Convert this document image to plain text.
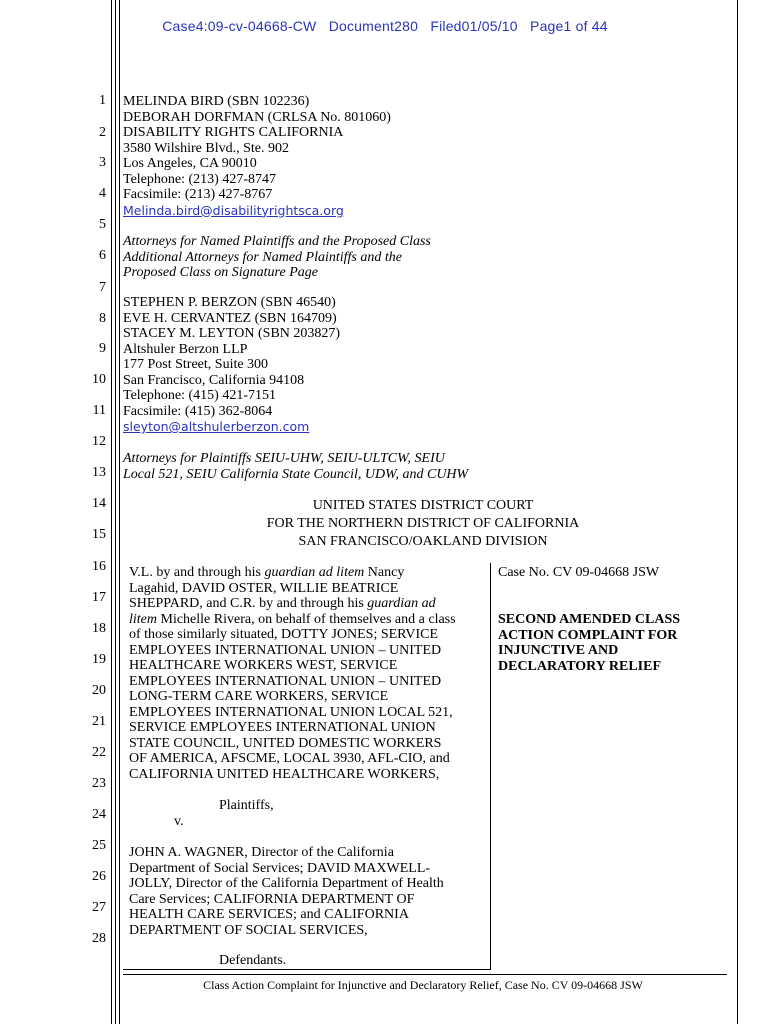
Case4:09-cv-04668-CW   Document280   Filed01/05/10   Page1 of 44
1
2
3
4
5
6
7
8
9
10
11
12
13
14
15
16
17
18
19
20
21
22
23
24
25
26
27
28
MELINDA BIRD (SBN 102236)
DEBORAH DORFMAN (CRLSA No. 801060)
DISABILITY RIGHTS CALIFORNIA
3580 Wilshire Blvd., Ste. 902
Los Angeles, CA 90010
Telephone: (213) 427-8747
Facsimile: (213) 427-8767
Melinda.bird@disabilityrightsca.org
Attorneys for Named Plaintiffs and the Proposed Class
Additional Attorneys for Named Plaintiffs and the
Proposed Class on Signature Page
STEPHEN P. BERZON (SBN 46540)
EVE H. CERVANTEZ (SBN 164709)
STACEY M. LEYTON (SBN 203827)
Altshuler Berzon LLP
177 Post Street, Suite 300
San Francisco, California 94108
Telephone: (415) 421-7151
Facsimile: (415) 362-8064
sleyton@altshulerberzon.com
Attorneys for Plaintiffs SEIU-UHW, SEIU-ULTCW, SEIU
Local 521, SEIU California State Council, UDW, and CUHW
UNITED STATES DISTRICT COURT
FOR THE NORTHERN DISTRICT OF CALIFORNIA
SAN FRANCISCO/OAKLAND DIVISION
V.L. by and through his guardian ad litem Nancy
Lagahid, DAVID OSTER, WILLIE BEATRICE
SHEPPARD, and C.R. by and through his guardian ad
litem Michelle Rivera, on behalf of themselves and a class
of those similarly situated, DOTTY JONES; SERVICE
EMPLOYEES INTERNATIONAL UNION – UNITED
HEALTHCARE WORKERS WEST, SERVICE
EMPLOYEES INTERNATIONAL UNION – UNITED
LONG-TERM CARE WORKERS, SERVICE
EMPLOYEES INTERNATIONAL UNION LOCAL 521,
SERVICE EMPLOYEES INTERNATIONAL UNION
STATE COUNCIL, UNITED DOMESTIC WORKERS
OF AMERICA, AFSCME, LOCAL 3930, AFL-CIO, and
CALIFORNIA UNITED HEALTHCARE WORKERS,
Plaintiffs,
v.
JOHN A. WAGNER, Director of the California
Department of Social Services; DAVID MAXWELL-
JOLLY, Director of the California Department of Health
Care Services; CALIFORNIA DEPARTMENT OF
HEALTH CARE SERVICES; and CALIFORNIA
DEPARTMENT OF SOCIAL SERVICES,
Defendants.
Case No. CV 09-04668 JSW
SECOND AMENDED CLASS
ACTION COMPLAINT FOR
INJUNCTIVE AND
DECLARATORY RELIEF
Class Action Complaint for Injunctive and Declaratory Relief, Case No. CV 09-04668 JSW
